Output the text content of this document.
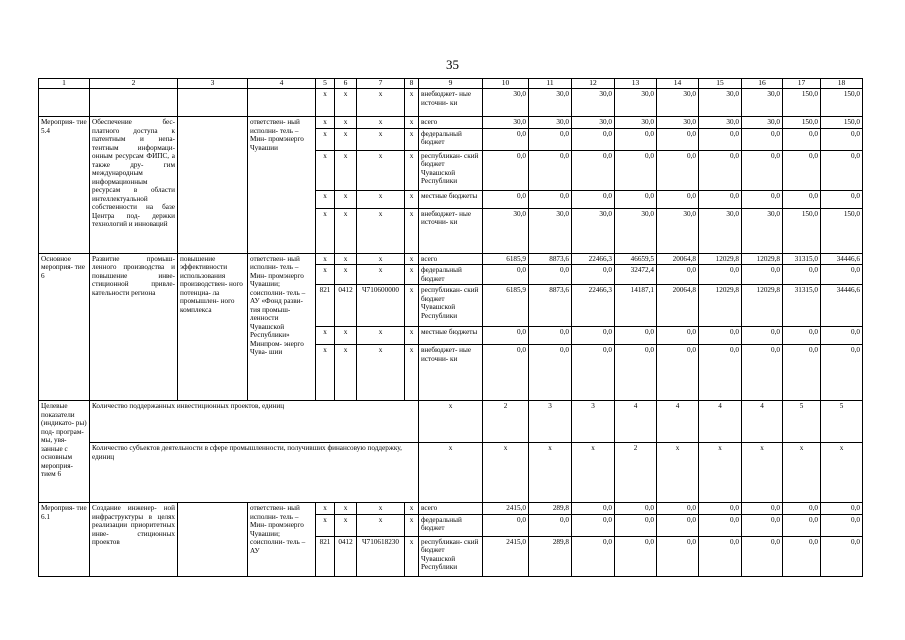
35
1	2	3	4	5	6	7	8	9	10	11	12	13	14	15	16	17	18
				x	x	x	x	внебюджет- ные источни- ки	30,0	30,0	30,0	30,0	30,0	30,0	30,0	150,0	150,0
Мероприя- тие 5.4	Обеспечение бес- платного доступа к патентным и непа- тентным информаци- онным ресурсам ФИПС, а также дру- гим международным информационным ресурсам в области интеллектуальной собственности на базе Центра под- держки технологий и инноваций		ответствен- ный исполни- тель – Мин- промэнерго Чувашии	x	x	x	x	всего	30,0	30,0	30,0	30,0	30,0	30,0	30,0	150,0	150,0
				x	x	x	x	федеральный бюджет	0,0	0,0	0,0	0,0	0,0	0,0	0,0	0,0	0,0
				x	x	x	x	республикан- ский бюджет Чувашской Республики	0,0	0,0	0,0	0,0	0,0	0,0	0,0	0,0	0,0
				x	x	x	x	местные бюджеты	0,0	0,0	0,0	0,0	0,0	0,0	0,0	0,0	0,0
				x	x	x	x	внебюджет- ные источни- ки	30,0	30,0	30,0	30,0	30,0	30,0	30,0	150,0	150,0
Основное мероприя- тие 6	Развитие промыш- ленного производства и повышение инве- стиционной привле- кательности региона	повышение эффективности использования производствен- ного потенциа- ла промышлен- ного комплекса	ответствен- ный исполни- тель – Мин- промэнерго Чувашии; соисполни- тель – АУ «Фонд разви- тия промыш- ленности Чувашской Республики» Минпром- энерго Чува- шии	x	x	x	x	всего	6185,9	8873,6	22466,3	46659,5	20064,8	12029,8	12029,8	31315,0	34446,6
				x	x	x	x	федеральный бюджет	0,0	0,0	0,0	32472,4	0,0	0,0	0,0	0,0	0,0
				821	0412	Ч710600000	x	республикан- ский бюджет Чувашской Республики	6185,9	8873,6	22466,3	14187,1	20064,8	12029,8	12029,8	31315,0	34446,6
				x	x	x	x	местные бюджеты	0,0	0,0	0,0	0,0	0,0	0,0	0,0	0,0	0,0
				x	x	x	x	внебюджет- ные источни- ки	0,0	0,0	0,0	0,0	0,0	0,0	0,0	0,0	0,0
Целевые показатели (индикато- ры) под- програм- мы, увя- занные с основным мероприя- тием 6	Количество поддержанных инвестиционных проектов, единиц							x	2	3	3	4	4	4	4	5	5
	Количество субъектов деятельности в сфере промышленности, получивших финансовую поддержку, единиц							x	x	x	x	2	x	x	x	x	x
Мероприя- тие 6.1	Создание инженер- ной инфраструктуры в целях реализации приоритетных инве- стиционных проектов		ответствен- ный исполни- тель – Мин- промэнерго Чувашии; соисполни- тель – АУ	x	x	x	x	всего	2415,0	289,8	0,0	0,0	0,0	0,0	0,0	0,0	0,0
				x	x	x	x	федеральный бюджет	0,0	0,0	0,0	0,0	0,0	0,0	0,0	0,0	0,0
				821	0412	Ч710618230	x	республикан- ский бюджет Чувашской Республики	2415,0	289,8	0,0	0,0	0,0	0,0	0,0	0,0	0,0
